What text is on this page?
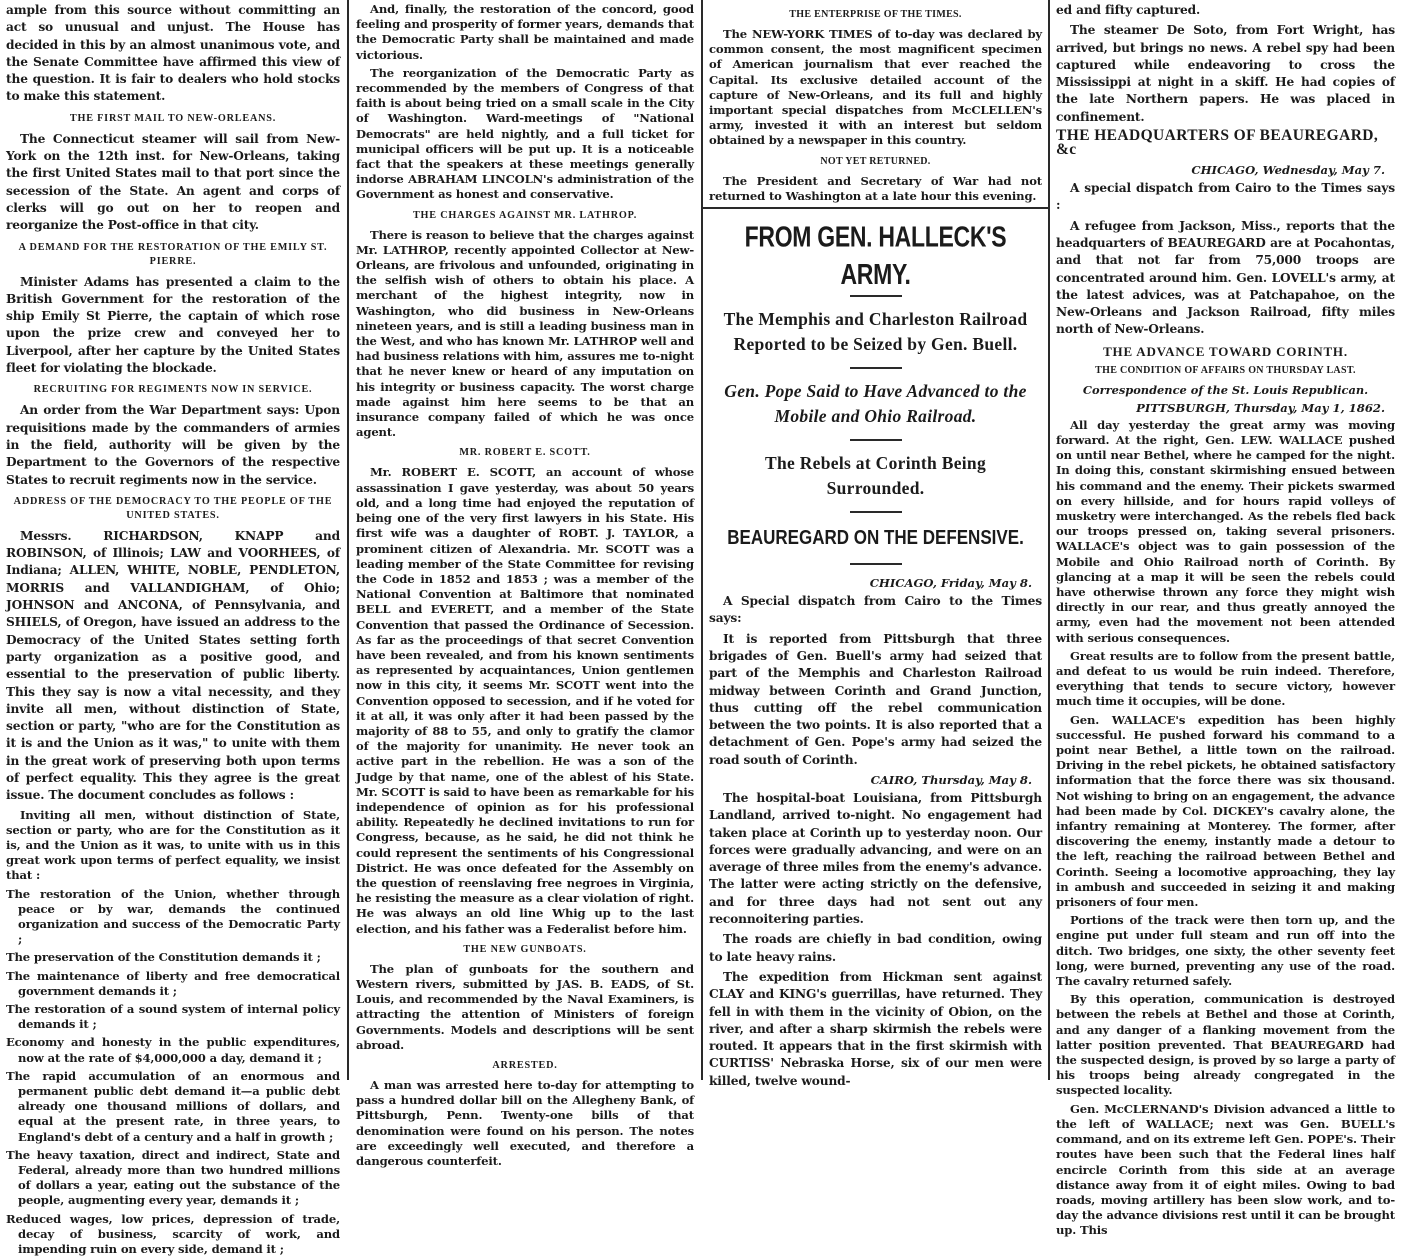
ample from this source without committing an act so unusual and unjust. The House has decided in this by an almost unanimous vote, and the Senate Committee have affirmed this view of the question. It is fair to dealers who hold stocks to make this statement.

THE FIRST MAIL TO NEW-ORLEANS.

The Connecticut steamer will sail from New-York on the 12th inst. for New-Orleans, taking the first United States mail to that port since the secession of the State. An agent and corps of clerks will go out on her to reopen and reorganize the Post-office in that city.

A DEMAND FOR THE RESTORATION OF THE EMILY ST. PIERRE.

Minister Adams has presented a claim to the British Government for the restoration of the ship Emily St Pierre, the captain of which rose upon the prize crew and conveyed her to Liverpool, after her capture by the United States fleet for violating the blockade.

RECRUITING FOR REGIMENTS NOW IN SERVICE.

An order from the War Department says: Upon requisitions made by the commanders of armies in the field, authority will be given by the Department to the Governors of the respective States to recruit regiments now in the service.

ADDRESS OF THE DEMOCRACY TO THE PEOPLE OF THE UNITED STATES.

Messrs. RICHARDSON, KNAPP and ROBINSON, of Illinois; LAW and VOORHEES, of Indiana; ALLEN, WHITE, NOBLE, PENDLETON, MORRIS and VALLANDIGHAM, of Ohio; JOHNSON and ANCONA, of Pennsylvania, and SHIELS, of Oregon, have issued an address to the Democracy of the United States setting forth party organization as a positive good, and essential to the preservation of public liberty. This they say is now a vital necessity, and they invite all men, without distinction of State, section or party, "who are for the Constitution as it is and the Union as it was," to unite with them in the great work of preserving both upon terms of perfect equality. This they agree is the great issue. The document concludes as follows :

Inviting all men, without distinction of State, section or party, who are for the Constitution as it is, and the Union as it was, to unite with us in this great work upon terms of perfect equality, we insist that :

The restoration of the Union, whether through peace or by war, demands the continued organization and success of the Democratic Party ;

The preservation of the Constitution demands it ;

The maintenance of liberty and free democratical government demands it ;

The restoration of a sound system of internal policy demands it ;

Economy and honesty in the public expenditures, now at the rate of $4,000,000 a day, demand it ;

The rapid accumulation of an enormous and permanent public debt demand it—a public debt already one thousand millions of dollars, and equal at the present rate, in three years, to England's debt of a century and a half in growth ;

The heavy taxation, direct and indirect, State and Federal, already more than two hundred millions of dollars a year, eating out the substance of the people, augmenting every year, demands it ;

Reduced wages, low prices, depression of trade, decay of business, scarcity of work, and impending ruin on every side, demand it ;

And, finally, the restoration of the concord, good feeling and prosperity of former years, demands that the Democratic Party shall be maintained and made victorious.

The reorganization of the Democratic Party as recommended by the members of Congress of that faith is about being tried on a small scale in the City of Washington. Ward-meetings of "National Democrats" are held nightly, and a full ticket for municipal officers will be put up. It is a noticeable fact that the speakers at these meetings generally indorse ABRAHAM LINCOLN's administration of the Government as honest and conservative.

THE CHARGES AGAINST MR. LATHROP.

There is reason to believe that the charges against Mr. LATHROP, recently appointed Collector at New-Orleans, are frivolous and unfounded, originating in the selfish wish of others to obtain his place. A merchant of the highest integrity, now in Washington, who did business in New-Orleans nineteen years, and is still a leading business man in the West, and who has known Mr. LATHROP well and had business relations with him, assures me to-night that he never knew or heard of any imputation on his integrity or business capacity. The worst charge made against him here seems to be that an insurance company failed of which he was once agent.

MR. ROBERT E. SCOTT.

Mr. ROBERT E. SCOTT, an account of whose assassination I gave yesterday, was about 50 years old, and a long time had enjoyed the reputation of being one of the very first lawyers in his State. His first wife was a daughter of ROBT. J. TAYLOR, a prominent citizen of Alexandria. Mr. SCOTT was a leading member of the State Committee for revising the Code in 1852 and 1853 ; was a member of the National Convention at Baltimore that nominated BELL and EVERETT, and a member of the State Convention that passed the Ordinance of Secession. As far as the proceedings of that secret Convention have been revealed, and from his known sentiments as represented by acquaintances, Union gentlemen now in this city, it seems Mr. SCOTT went into the Convention opposed to secession, and if he voted for it at all, it was only after it had been passed by the majority of 88 to 55, and only to gratify the clamor of the majority for unanimity. He never took an active part in the rebellion. He was a son of the Judge by that name, one of the ablest of his State. Mr. SCOTT is said to have been as remarkable for his independence of opinion as for his professional ability. Repeatedly he declined invitations to run for Congress, because, as he said, he did not think he could represent the sentiments of his Congressional District. He was once defeated for the Assembly on the question of reenslaving free negroes in Virginia, he resisting the measure as a clear violation of right. He was always an old line Whig up to the last election, and his father was a Federalist before him.

THE NEW GUNBOATS.

The plan of gunboats for the southern and Western rivers, submitted by JAS. B. EADS, of St. Louis, and recommended by the Naval Examiners, is attracting the attention of Ministers of foreign Governments. Models and descriptions will be sent abroad.

ARRESTED.

A man was arrested here to-day for attempting to pass a hundred dollar bill on the Allegheny Bank, of Pittsburgh, Penn. Twenty-one bills of that denomination were found on his person. The notes are exceedingly well executed, and therefore a dangerous counterfeit.

THE ENTERPRISE OF THE TIMES.

The NEW-YORK TIMES of to-day was declared by common consent, the most magnificent specimen of American journalism that ever reached the Capital. Its exclusive detailed account of the capture of New-Orleans, and its full and highly important special dispatches from McCLELLEN's army, invested it with an interest but seldom obtained by a newspaper in this country.

NOT YET RETURNED.

The President and Secretary of War had not returned to Washington at a late hour this evening.

FROM GEN. HALLECK'S ARMY.
The Memphis and Charleston Railroad Reported to be Seized by Gen. Buell.
Gen. Pope Said to Have Advanced to the Mobile and Ohio Railroad.
The Rebels at Corinth Being Surrounded.
BEAUREGARD ON THE DEFENSIVE.
CHICAGO, Friday, May 8.

A Special dispatch from Cairo to the Times says:

It is reported from Pittsburgh that three brigades of Gen. Buell's army had seized that part of the Memphis and Charleston Railroad midway between Corinth and Grand Junction, thus cutting off the rebel communication between the two points. It is also reported that a detachment of Gen. Pope's army had seized the road south of Corinth.

CAIRO, Thursday, May 8.

The hospital-boat Louisiana, from Pittsburgh Landland, arrived to-night. No engagement had taken place at Corinth up to yesterday noon. Our forces were gradually advancing, and were on an average of three miles from the enemy's advance. The latter were acting strictly on the defensive, and for three days had not sent out any reconnoitering parties.

The roads are chiefly in bad condition, owing to late heavy rains.

The expedition from Hickman sent against CLAY and KING's guerrillas, have returned. They fell in with them in the vicinity of Obion, on the river, and after a sharp skirmish the rebels were routed. It appears that in the first skirmish with CURTISS' Nebraska Horse, six of our men were killed, twelve wound-

ed and fifty captured.

The steamer De Soto, from Fort Wright, has arrived, but brings no news. A rebel spy had been captured while endeavoring to cross the Mississippi at night in a skiff. He had copies of the late Northern papers. He was placed in confinement.

THE HEADQUARTERS OF BEAUREGARD, &c
CHICAGO, Wednesday, May 7.

A special dispatch from Cairo to the Times says :

A refugee from Jackson, Miss., reports that the headquarters of BEAUREGARD are at Pocahontas, and that not far from 75,000 troops are concentrated around him. Gen. LOVELL's army, at the latest advices, was at Patchapahoe, on the New-Orleans and Jackson Railroad, fifty miles north of New-Orleans.

THE ADVANCE TOWARD CORINTH.
THE CONDITION OF AFFAIRS ON THURSDAY LAST.
Correspondence of the St. Louis Republican.
PITTSBURGH, Thursday, May 1, 1862.

All day yesterday the great army was moving forward. At the right, Gen. LEW. WALLACE pushed on until near Bethel, where he camped for the night. In doing this, constant skirmishing ensued between his command and the enemy. Their pickets swarmed on every hillside, and for hours rapid volleys of musketry were interchanged. As the rebels fled back our troops pressed on, taking several prisoners. WALLACE's object was to gain possession of the Mobile and Ohio Railroad north of Corinth. By glancing at a map it will be seen the rebels could have otherwise thrown any force they might wish directly in our rear, and thus greatly annoyed the army, even had the movement not been attended with serious consequences.

Great results are to follow from the present battle, and defeat to us would be ruin indeed. Therefore, everything that tends to secure victory, however much time it occupies, will be done.

Gen. WALLACE's expedition has been highly successful. He pushed forward his command to a point near Bethel, a little town on the railroad. Driving in the rebel pickets, he obtained satisfactory information that the force there was six thousand. Not wishing to bring on an engagement, the advance had been made by Col. DICKEY's cavalry alone, the infantry remaining at Monterey. The former, after discovering the enemy, instantly made a detour to the left, reaching the railroad between Bethel and Corinth. Seeing a locomotive approaching, they lay in ambush and succeeded in seizing it and making prisoners of four men.

Portions of the track were then torn up, and the engine put under full steam and run off into the ditch. Two bridges, one sixty, the other seventy feet long, were burned, preventing any use of the road. The cavalry returned safely.

By this operation, communication is destroyed between the rebels at Bethel and those at Corinth, and any danger of a flanking movement from the latter position prevented. That BEAUREGARD had the suspected design, is proved by so large a party of his troops being already congregated in the suspected locality.

Gen. McCLERNAND's Division advanced a little to the left of WALLACE; next was Gen. BUELL's command, and on its extreme left Gen. POPE's. Their routes have been such that the Federal lines half encircle Corinth from this side at an average distance away from it of eight miles. Owing to bad roads, moving artillery has been slow work, and to-day the advance divisions rest until it can be brought up. This
